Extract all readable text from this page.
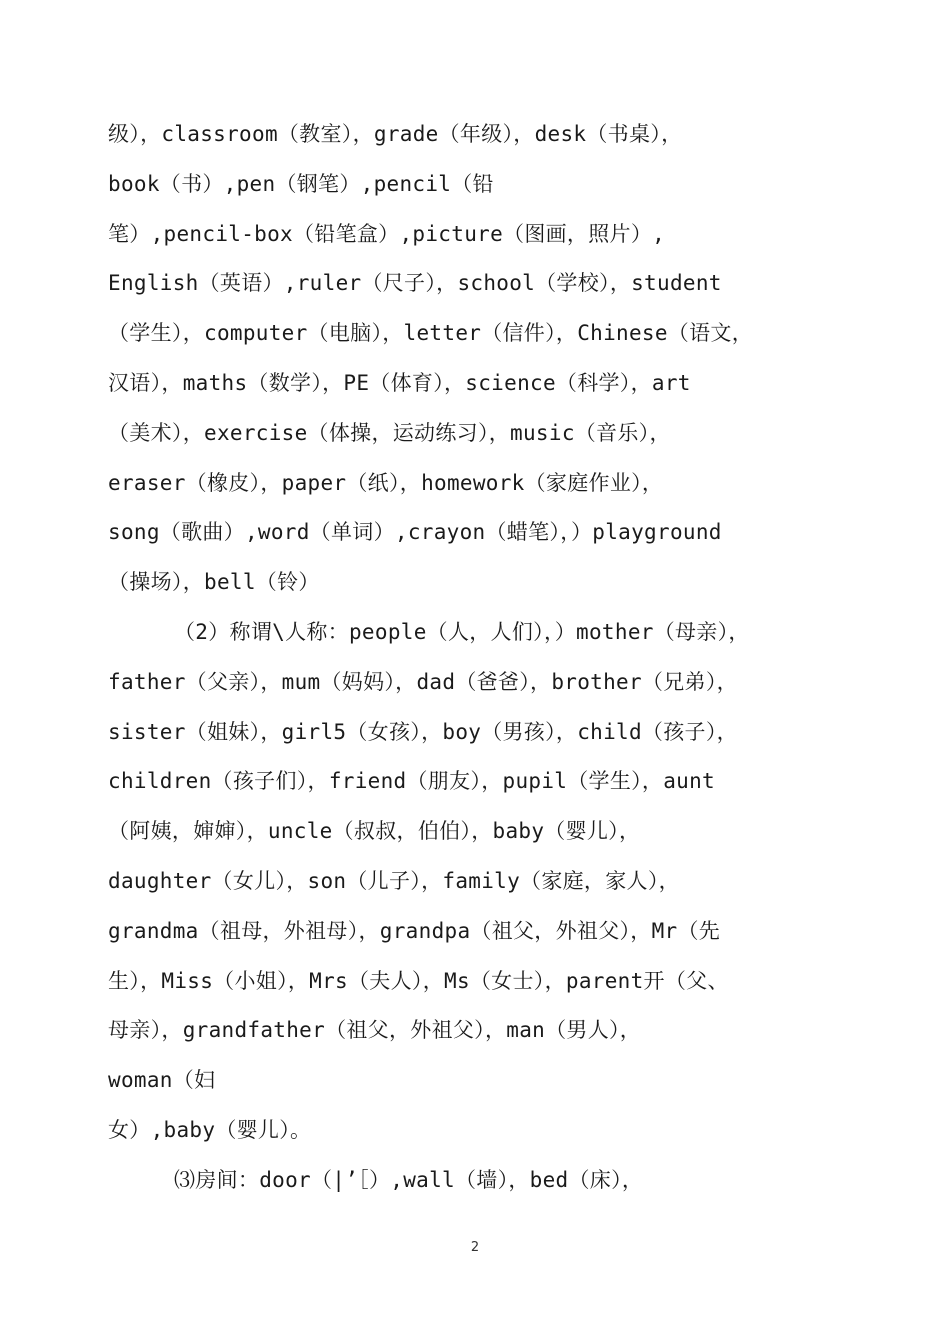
级），classroom（教室），grade（年级），desk（书桌），
book（书）,pen（钢笔）,pencil（铅
笔）,pencil-box（铅笔盒）,picture（图画，照片）,
English（英语）,ruler（尺子），school（学校），student
（学生），computer（电脑），letter（信件），Chinese（语文，
汉语），maths（数学），PE（体育），science（科学），art
（美术），exercise（体操，运动练习），music（音乐），
eraser（橡皮），paper（纸），homework（家庭作业），
song（歌曲）,word（单词）,crayon（蜡笔），）playground
（操场），bell（铃）
（2）称谓\人称：people（人，人们），）mother（母亲），
father（父亲），mum（妈妈），dad（爸爸），brother（兄弟），
sister（姐妹），girl5（女孩），boy（男孩），child（孩子），
children（孩子们），friend（朋友），pupil（学生），aunt
（阿姨，婶婶），uncle（叔叔，伯伯），baby（婴儿），
daughter（女儿），son（儿子），family（家庭，家人），
grandma（祖母，外祖母），grandpa（祖父，外祖父），Mr（先
生），Miss（小姐），Mrs（夫人），Ms（女士），parent开（父、
母亲），grandfather（祖父，外祖父），man（男人），
woman（妇
女）,baby（婴儿）。
⑶房间：door（|’［）,wall（墙），bed（床），
2
